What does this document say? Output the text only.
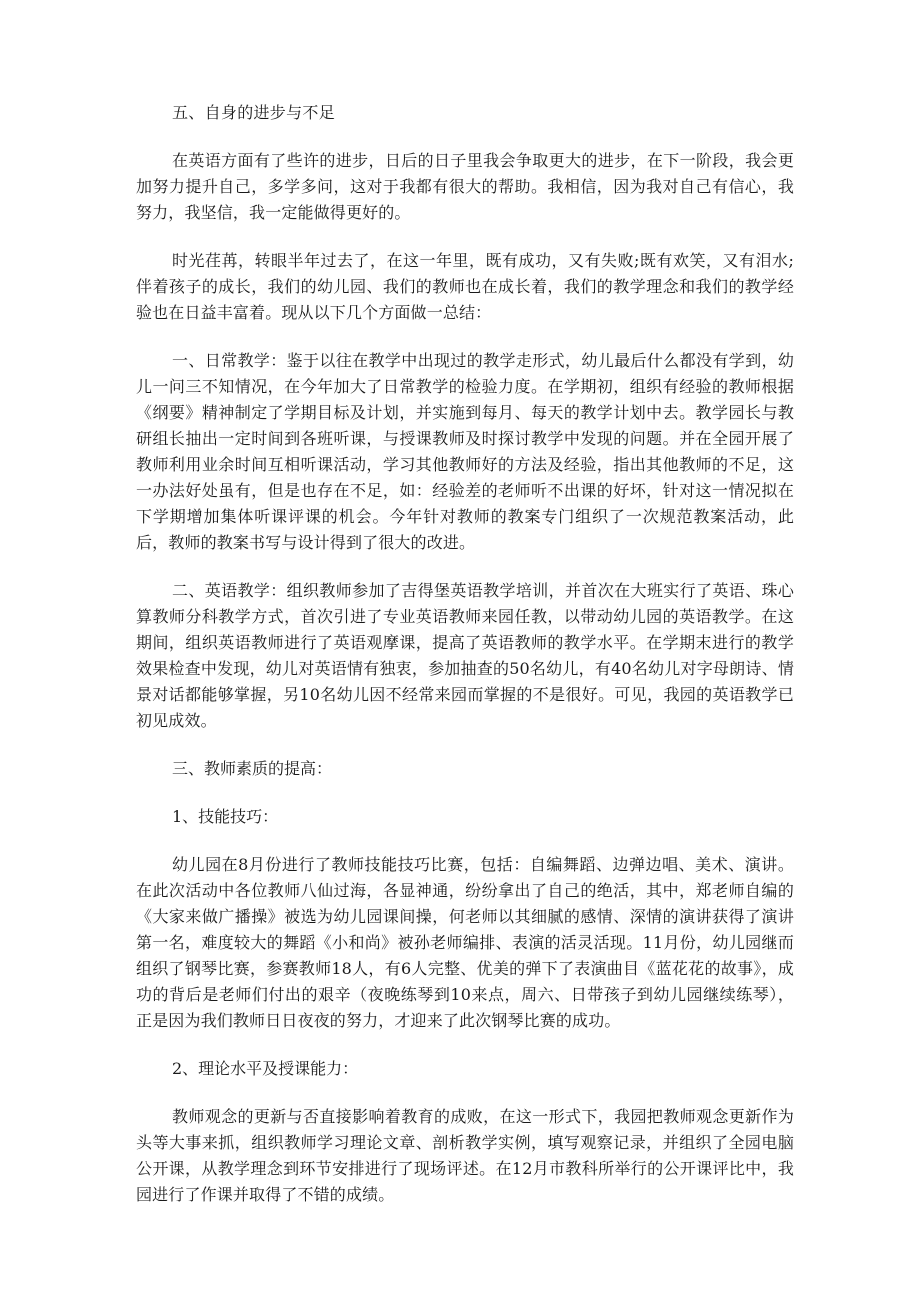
五、自身的进步与不足

在英语方面有了些许的进步，日后的日子里我会争取更大的进步，在下一阶段，我会更加努力提升自己，多学多问，这对于我都有很大的帮助。我相信，因为我对自己有信心，我努力，我坚信，我一定能做得更好的。

时光荏苒，转眼半年过去了，在这一年里，既有成功，又有失败;既有欢笑，又有泪水;伴着孩子的成长，我们的幼儿园、我们的教师也在成长着，我们的教学理念和我们的教学经验也在日益丰富着。现从以下几个方面做一总结：

一、日常教学：鉴于以往在教学中出现过的教学走形式，幼儿最后什么都没有学到，幼儿一问三不知情况，在今年加大了日常教学的检验力度。在学期初，组织有经验的教师根据《纲要》精神制定了学期目标及计划，并实施到每月、每天的教学计划中去。教学园长与教研组长抽出一定时间到各班听课，与授课教师及时探讨教学中发现的问题。并在全园开展了教师利用业余时间互相听课活动，学习其他教师好的方法及经验，指出其他教师的不足，这一办法好处虽有，但是也存在不足，如：经验差的老师听不出课的好坏，针对这一情况拟在下学期增加集体听课评课的机会。今年针对教师的教案专门组织了一次规范教案活动，此后，教师的教案书写与设计得到了很大的改进。

二、英语教学：组织教师参加了吉得堡英语教学培训，并首次在大班实行了英语、珠心算教师分科教学方式，首次引进了专业英语教师来园任教，以带动幼儿园的英语教学。在这期间，组织英语教师进行了英语观摩课，提高了英语教师的教学水平。在学期末进行的教学效果检查中发现，幼儿对英语情有独衷，参加抽查的50名幼儿，有40名幼儿对字母朗诗、情景对话都能够掌握，另10名幼儿因不经常来园而掌握的不是很好。可见，我园的英语教学已初见成效。

三、教师素质的提高：

1、技能技巧：

幼儿园在8月份进行了教师技能技巧比赛，包括：自编舞蹈、边弹边唱、美术、演讲。在此次活动中各位教师八仙过海，各显神通，纷纷拿出了自己的绝活，其中，郑老师自编的《大家来做广播操》被选为幼儿园课间操，何老师以其细腻的感情、深情的演讲获得了演讲第一名，难度较大的舞蹈《小和尚》被孙老师编排、表演的活灵活现。11月份，幼儿园继而组织了钢琴比赛，参赛教师18人，有6人完整、优美的弹下了表演曲目《蓝花花的故事》，成功的背后是老师们付出的艰辛（夜晚练琴到10来点，周六、日带孩子到幼儿园继续练琴），正是因为我们教师日日夜夜的努力，才迎来了此次钢琴比赛的成功。

2、理论水平及授课能力：

教师观念的更新与否直接影响着教育的成败，在这一形式下，我园把教师观念更新作为头等大事来抓，组织教师学习理论文章、剖析教学实例，填写观察记录，并组织了全园电脑公开课，从教学理念到环节安排进行了现场评述。在12月市教科所举行的公开课评比中，我园进行了作课并取得了不错的成绩。
